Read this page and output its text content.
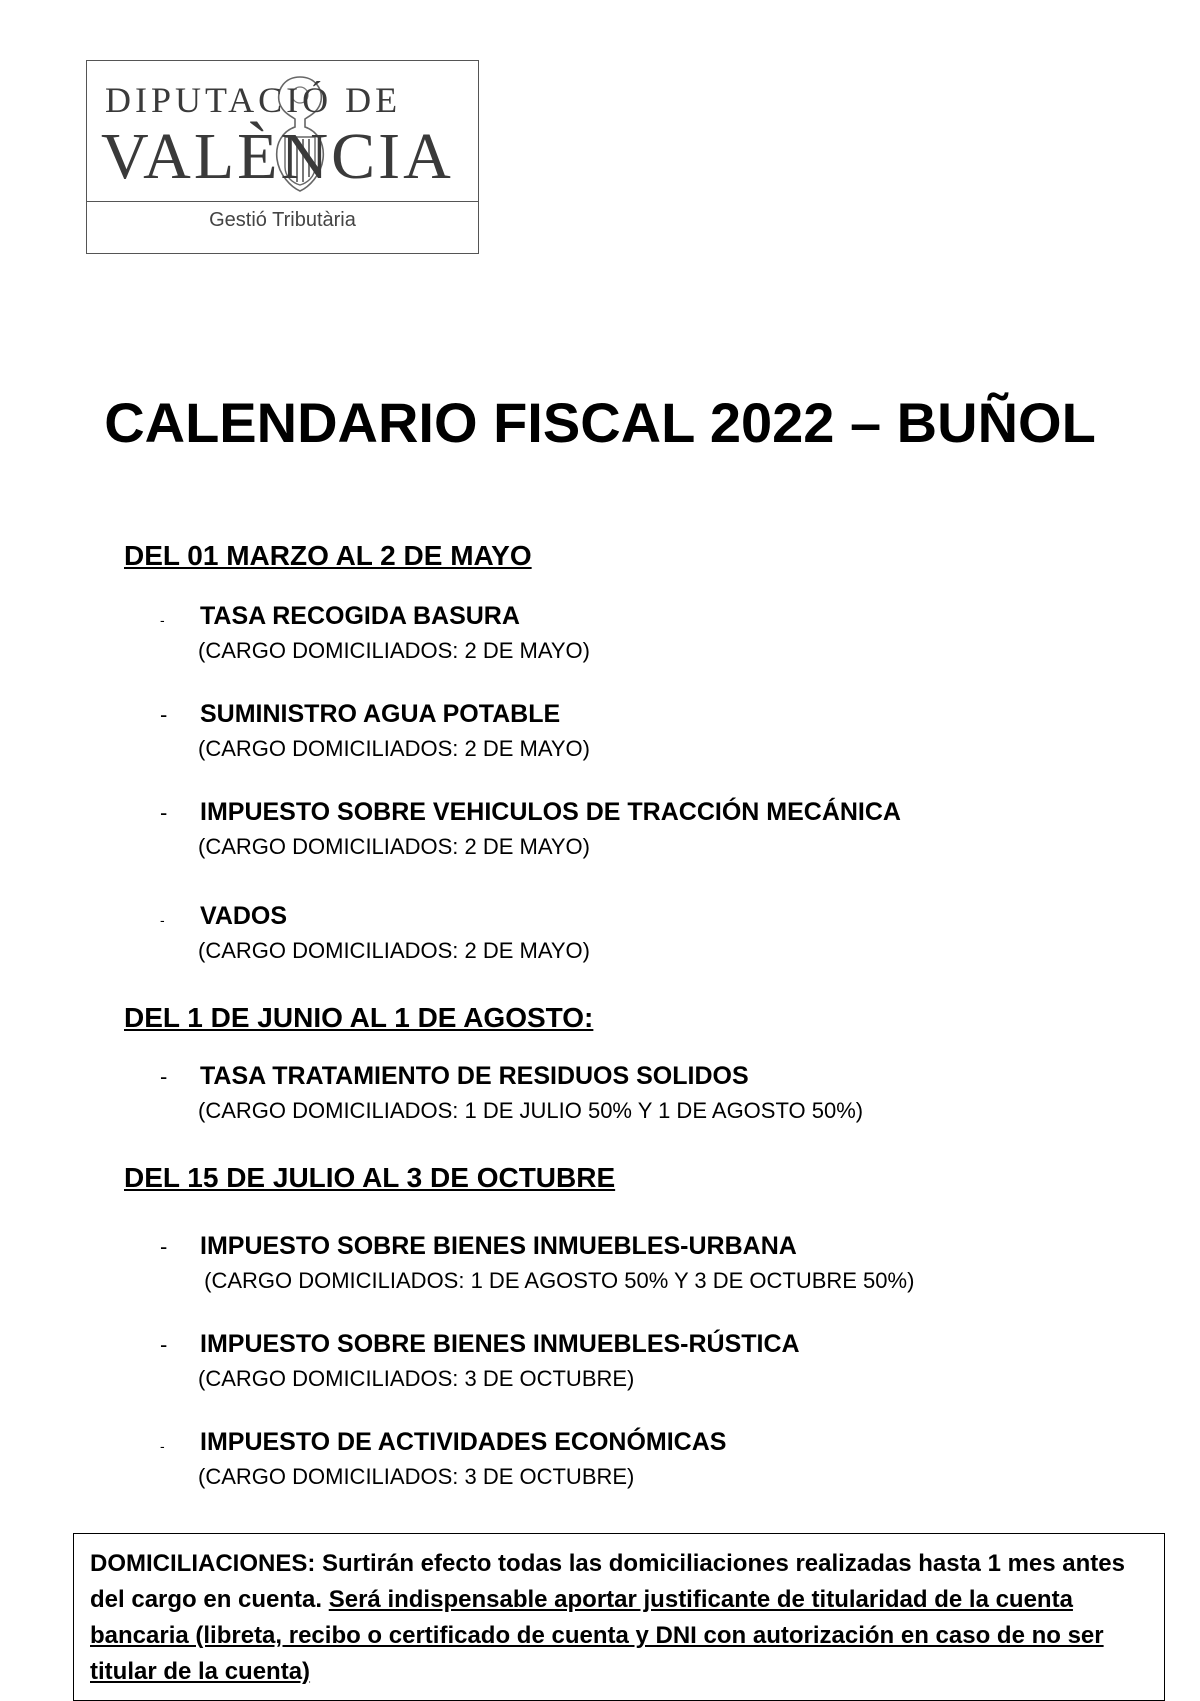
DIPUTACIÓ DE
VALÈNCIA
Gestió Tributària
CALENDARIO FISCAL 2022 – BUÑOL
DEL 01 MARZO AL 2 DE MAYO
- TASA RECOGIDA BASURA
(CARGO DOMICILIADOS: 2 DE MAYO)
- SUMINISTRO AGUA POTABLE
(CARGO DOMICILIADOS: 2 DE MAYO)
- IMPUESTO SOBRE VEHICULOS DE TRACCIÓN MECÁNICA
(CARGO DOMICILIADOS: 2 DE MAYO)
- VADOS
(CARGO DOMICILIADOS: 2 DE MAYO)
DEL 1 DE JUNIO AL 1 DE AGOSTO:
- TASA TRATAMIENTO DE RESIDUOS SOLIDOS
(CARGO DOMICILIADOS: 1 DE JULIO 50% Y 1 DE AGOSTO 50%)
DEL 15 DE JULIO AL 3 DE OCTUBRE
- IMPUESTO SOBRE BIENES INMUEBLES-URBANA
(CARGO DOMICILIADOS: 1 DE AGOSTO 50% Y 3 DE OCTUBRE 50%)
- IMPUESTO SOBRE BIENES INMUEBLES-RÚSTICA
(CARGO DOMICILIADOS: 3 DE OCTUBRE)
- IMPUESTO DE ACTIVIDADES ECONÓMICAS
(CARGO DOMICILIADOS: 3 DE OCTUBRE)
DOMICILIACIONES: Surtirán efecto todas las domiciliaciones realizadas hasta 1 mes antes del cargo en cuenta. Será indispensable aportar justificante de titularidad de la cuenta bancaria (libreta, recibo o certificado de cuenta y DNI con autorización en caso de no ser titular de la cuenta)
